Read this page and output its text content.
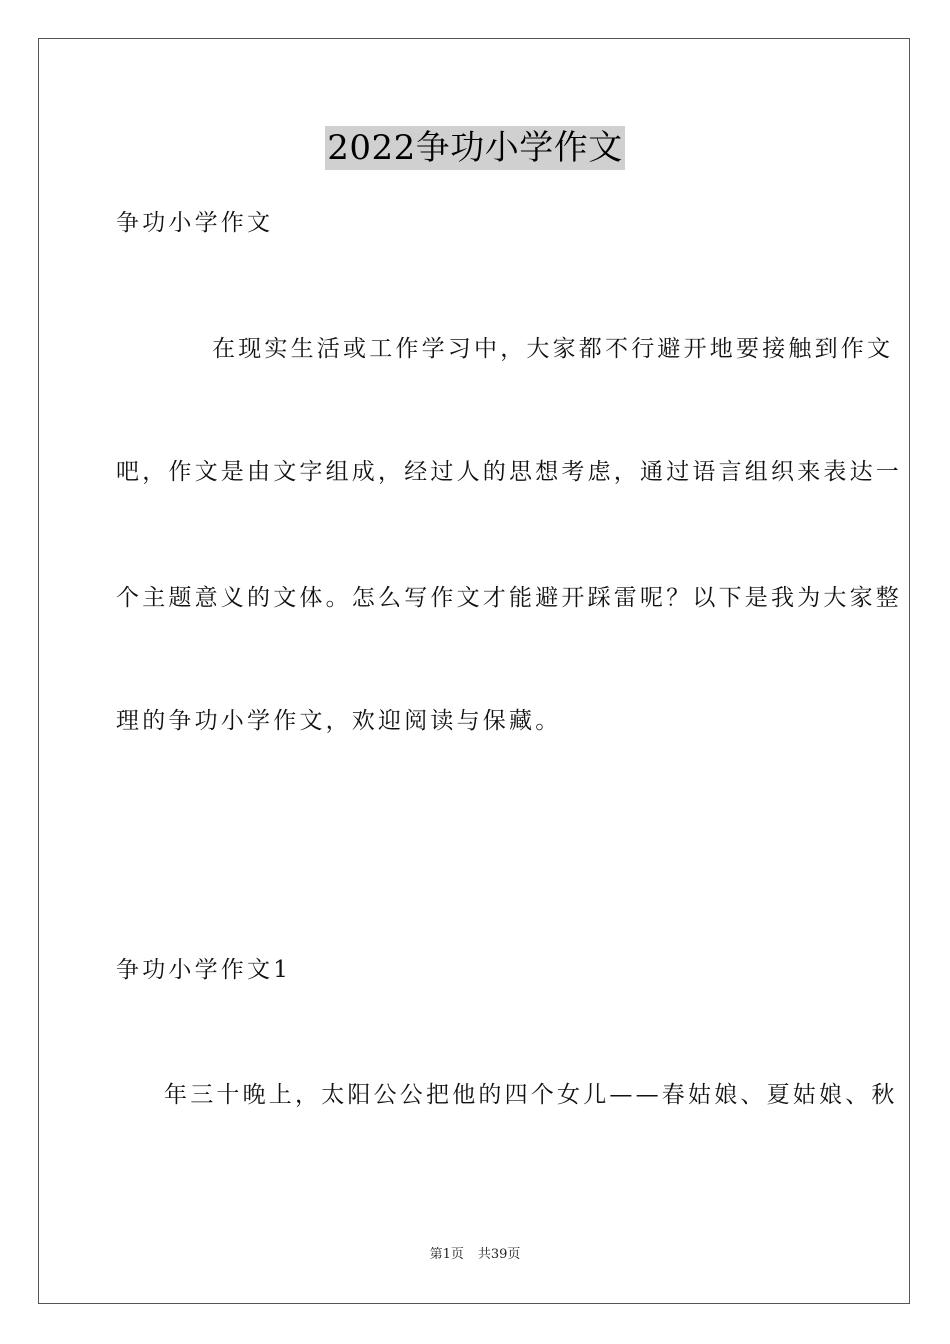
2022争功小学作文
争功小学作文
在现实生活或工作学习中，大家都不行避开地要接触到作文
吧，作文是由文字组成，经过人的思想考虑，通过语言组织来表达一
个主题意义的文体。怎么写作文才能避开踩雷呢？以下是我为大家整
理的争功小学作文，欢迎阅读与保藏。
争功小学作文1
年三十晚上，太阳公公把他的四个女儿——春姑娘、夏姑娘、秋
第1页 共39页
